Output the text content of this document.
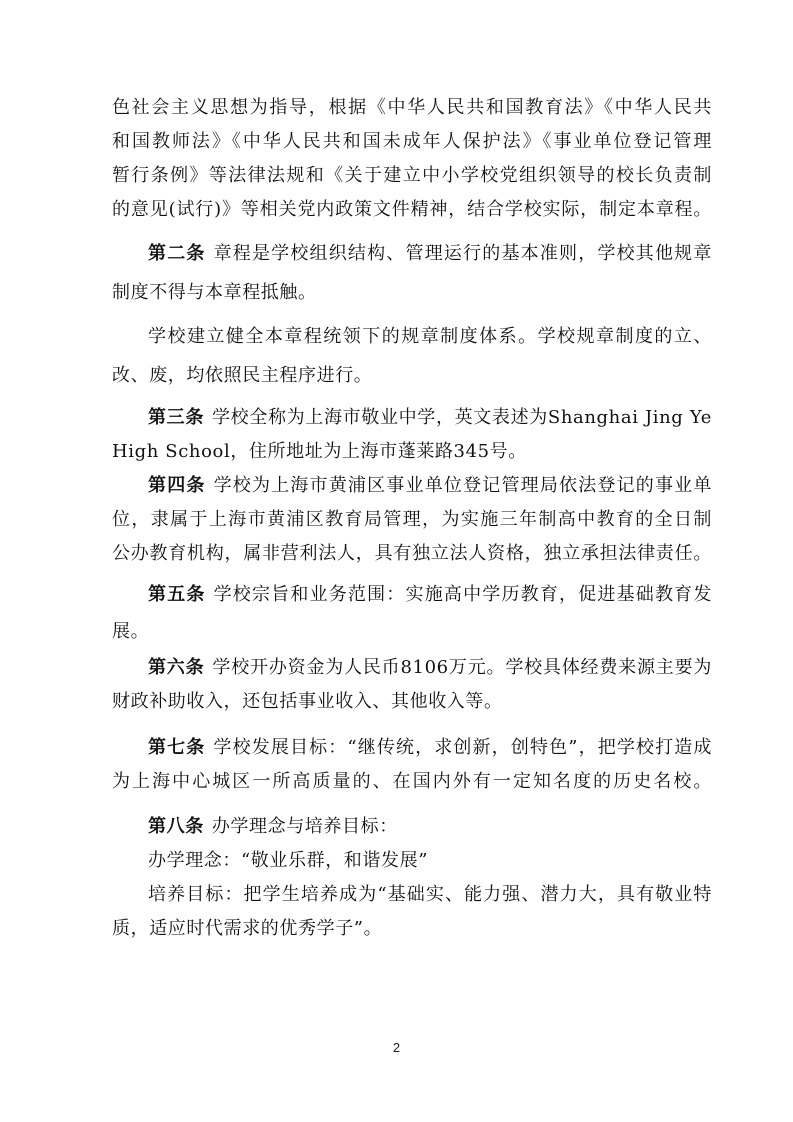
色社会主义思想为指导，根据《中华人民共和国教育法》《中华人民共
和国教师法》《中华人民共和国未成年人保护法》《事业单位登记管理
暂行条例》等法律法规和《关于建立中小学校党组织领导的校长负责制
的意见(试行)》等相关党内政策文件精神，结合学校实际，制定本章程。
第二条 章程是学校组织结构、管理运行的基本准则，学校其他规章
制度不得与本章程抵触。
学校建立健全本章程统领下的规章制度体系。学校规章制度的立、
改、废，均依照民主程序进行。
第三条 学校全称为上海市敬业中学，英文表述为Shanghai Jing Ye
High School，住所地址为上海市蓬莱路345号。
第四条 学校为上海市黄浦区事业单位登记管理局依法登记的事业单
位，隶属于上海市黄浦区教育局管理，为实施三年制高中教育的全日制
公办教育机构，属非营利法人，具有独立法人资格，独立承担法律责任。
第五条 学校宗旨和业务范围：实施高中学历教育，促进基础教育发
展。
第六条 学校开办资金为人民币8106万元。学校具体经费来源主要为
财政补助收入，还包括事业收入、其他收入等。
第七条 学校发展目标：“继传统，求创新，创特色”，把学校打造成
为上海中心城区一所高质量的、在国内外有一定知名度的历史名校。
第八条 办学理念与培养目标：
办学理念：“敬业乐群，和谐发展”
培养目标：把学生培养成为“基础实、能力强、潜力大，具有敬业特
质，适应时代需求的优秀学子”。
2
